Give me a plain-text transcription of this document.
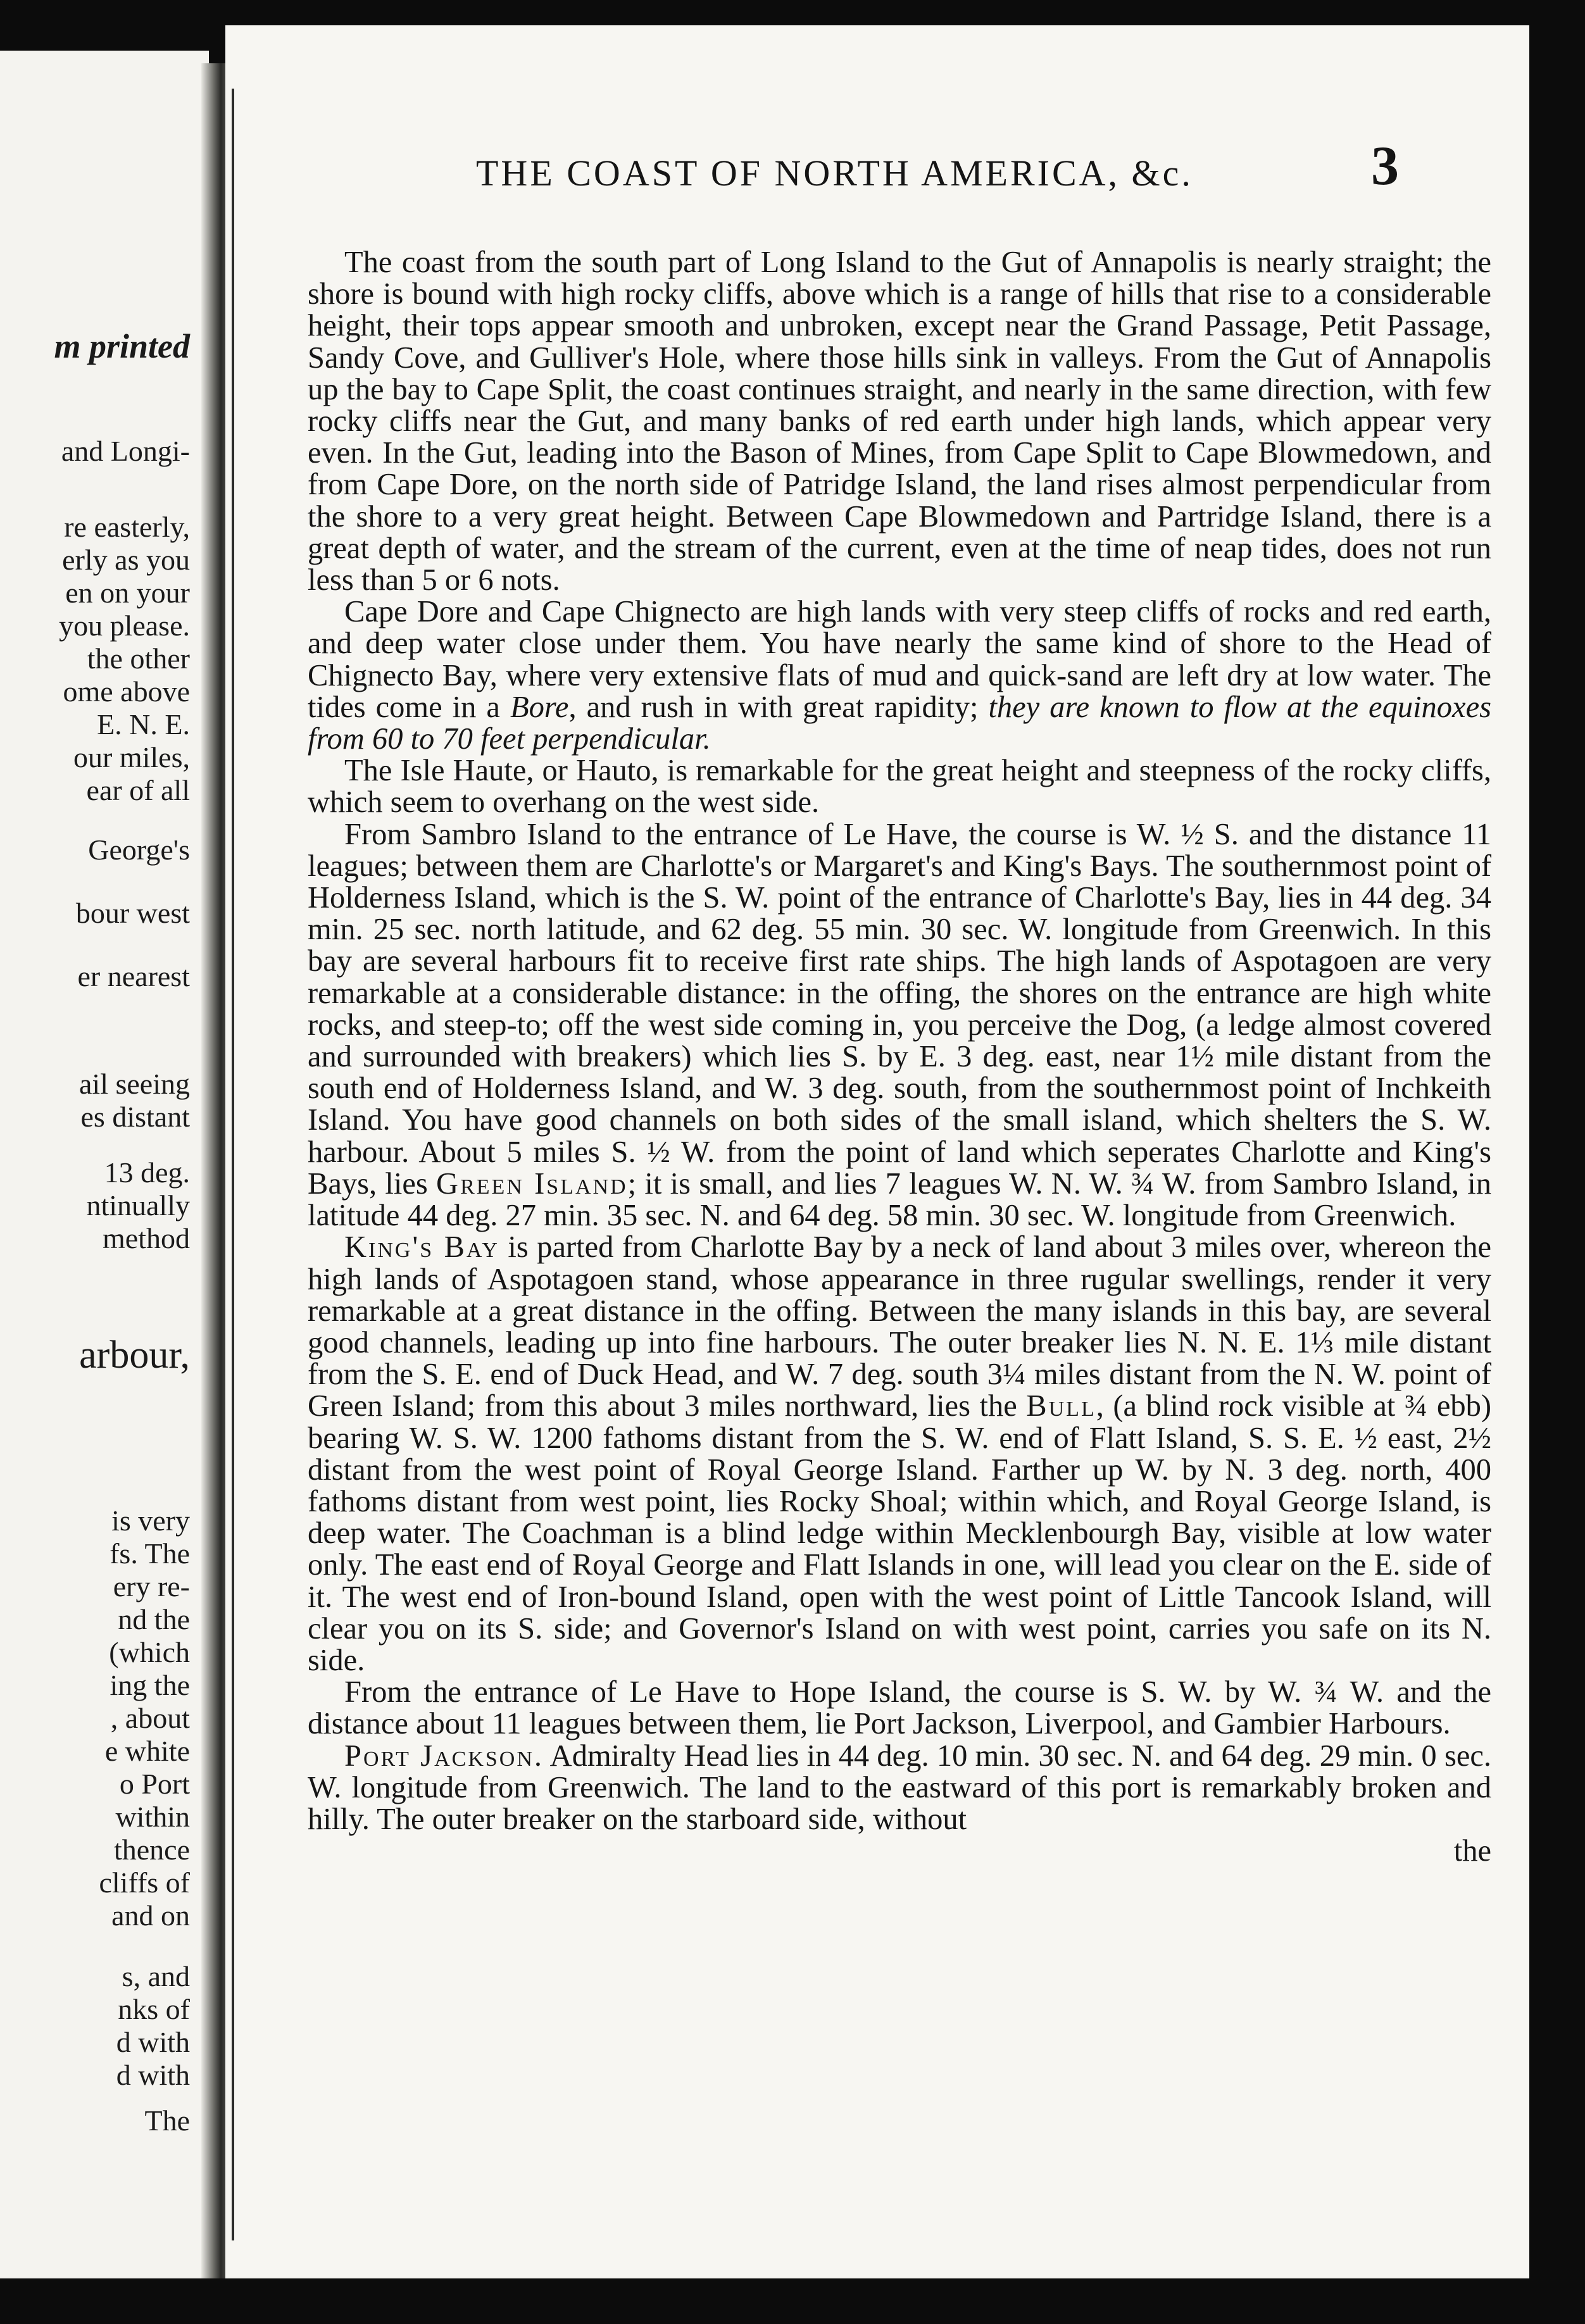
m printed
and Longi-
re easterly,
erly as you
en on your
you please.
the other
ome above
E. N. E.
our miles,
ear of all
George's
bour west
er nearest
ail seeing
es distant
13 deg.
ntinually
method
arbour,
is very
fs. The
ery re-
nd the
(which
ing the
, about
e white
o Port
within
thence
cliffs of
and on
s, and
nks of
d with
d with
The
THE COAST OF NORTH AMERICA, &c.	3

The coast from the south part of Long Island to the Gut of Annapolis is nearly straight; the shore is bound with high rocky cliffs, above which is a range of hills that rise to a considerable height, their tops appear smooth and unbroken, except near the Grand Passage, Petit Passage, Sandy Cove, and Gulliver's Hole, where those hills sink in valleys. From the Gut of Annapolis up the bay to Cape Split, the coast continues straight, and nearly in the same direction, with few rocky cliffs near the Gut, and many banks of red earth under high lands, which appear very even. In the Gut, leading into the Bason of Mines, from Cape Split to Cape Blowmedown, and from Cape Dore, on the north side of Patridge Island, the land rises almost perpendicular from the shore to a very great height. Between Cape Blowmedown and Partridge Island, there is a great depth of water, and the stream of the current, even at the time of neap tides, does not run less than 5 or 6 nots.

Cape Dore and Cape Chignecto are high lands with very steep cliffs of rocks and red earth, and deep water close under them. You have nearly the same kind of shore to the Head of Chignecto Bay, where very extensive flats of mud and quick-sand are left dry at low water. The tides come in a Bore, and rush in with great rapidity; they are known to flow at the equinoxes from 60 to 70 feet perpendicular.

The Isle Haute, or Hauto, is remarkable for the great height and steepness of the rocky cliffs, which seem to overhang on the west side.

From Sambro Island to the entrance of Le Have, the course is W. ½ S. and the distance 11 leagues; between them are Charlotte's or Margaret's and King's Bays. The southernmost point of Holderness Island, which is the S. W. point of the entrance of Charlotte's Bay, lies in 44 deg. 34 min. 25 sec. north latitude, and 62 deg. 55 min. 30 sec. W. longitude from Greenwich. In this bay are several harbours fit to receive first rate ships. The high lands of Aspotagoen are very remarkable at a considerable distance: in the offing, the shores on the entrance are high white rocks, and steep-to; off the west side coming in, you perceive the Dog, (a ledge almost covered and surrounded with breakers) which lies S. by E. 3 deg. east, near 1½ mile distant from the south end of Holderness Island, and W. 3 deg. south, from the southernmost point of Inchkeith Island. You have good channels on both sides of the small island, which shelters the S. W. harbour. About 5 miles S. ½ W. from the point of land which seperates Charlotte and King's Bays, lies Green Island; it is small, and lies 7 leagues W. N. W. ¾ W. from Sambro Island, in latitude 44 deg. 27 min. 35 sec. N. and 64 deg. 58 min. 30 sec. W. longitude from Greenwich.

King's Bay is parted from Charlotte Bay by a neck of land about 3 miles over, whereon the high lands of Aspotagoen stand, whose appearance in three rugular swellings, render it very remarkable at a great distance in the offing. Between the many islands in this bay, are several good channels, leading up into fine harbours. The outer breaker lies N. N. E. 1⅓ mile distant from the S. E. end of Duck Head, and W. 7 deg. south 3¼ miles distant from the N. W. point of Green Island; from this about 3 miles northward, lies the Bull, (a blind rock visible at ¾ ebb) bearing W. S. W. 1200 fathoms distant from the S. W. end of Flatt Island, S. S. E. ½ east, 2½ distant from the west point of Royal George Island. Farther up W. by N. 3 deg. north, 400 fathoms distant from west point, lies Rocky Shoal; within which, and Royal George Island, is deep water. The Coachman is a blind ledge within Mecklenbourgh Bay, visible at low water only. The east end of Royal George and Flatt Islands in one, will lead you clear on the E. side of it. The west end of Iron-bound Island, open with the west point of Little Tancook Island, will clear you on its S. side; and Governor's Island on with west point, carries you safe on its N. side.

From the entrance of Le Have to Hope Island, the course is S. W. by W. ¾ W. and the distance about 11 leagues between them, lie Port Jackson, Liverpool, and Gambier Harbours.

Port Jackson. Admiralty Head lies in 44 deg. 10 min. 30 sec. N. and 64 deg. 29 min. 0 sec. W. longitude from Greenwich. The land to the eastward of this port is remarkably broken and hilly. The outer breaker on the starboard side, without

the
